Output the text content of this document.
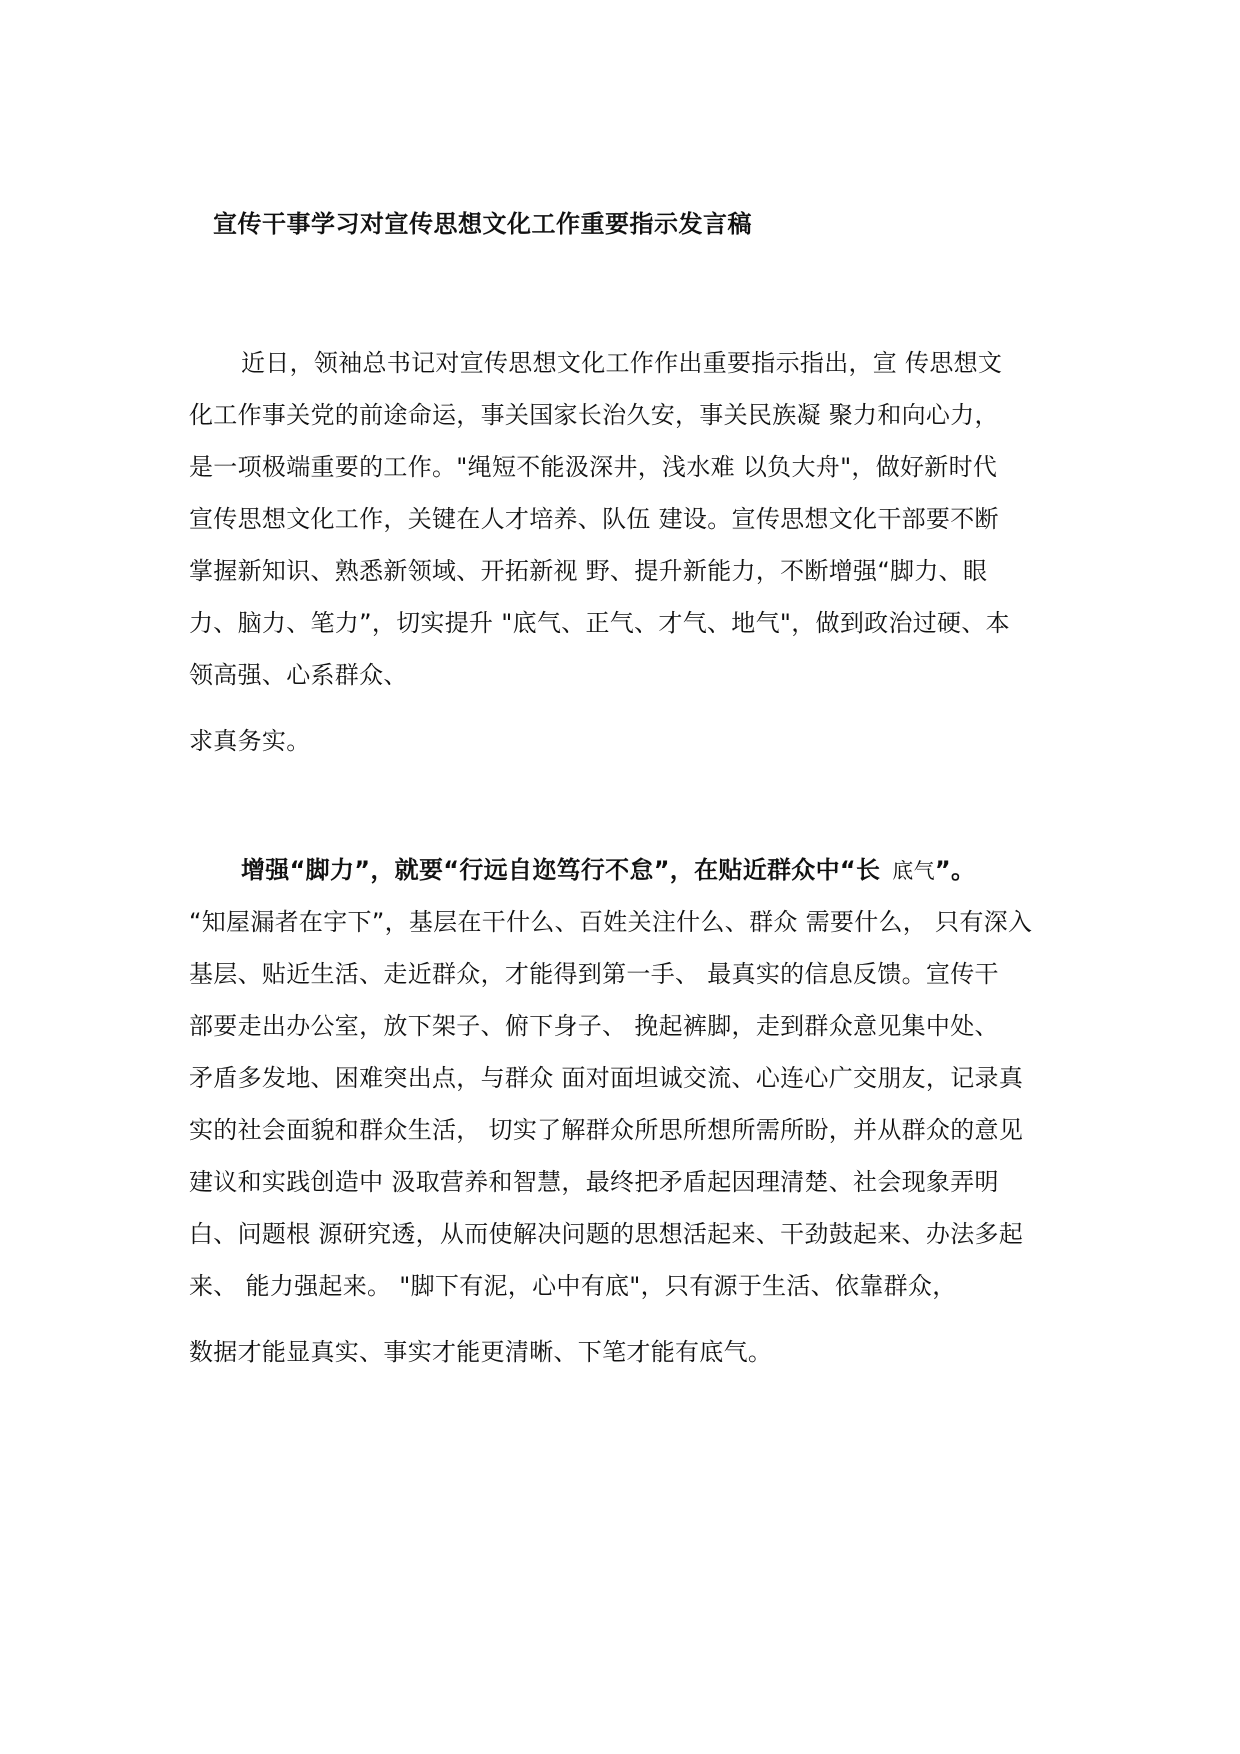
宣传干事学习对宣传思想文化工作重要指示发言稿
近日，领袖总书记对宣传思想文化工作作出重要指示指出，宣 传思想文
化工作事关党的前途命运，事关国家长治久安，事关民族凝 聚力和向心力，
是一项极端重要的工作。"绳短不能汲深井，浅水难 以负大舟"，做好新时代
宣传思想文化工作，关键在人才培养、队伍 建设。宣传思想文化干部要不断
掌握新知识、熟悉新领域、开拓新视 野、提升新能力，不断增强“脚力、眼
力、脑力、笔力”，切实提升 "底气、正气、才气、地气"，做到政治过硬、本
领高强、心系群众、
求真务实。
增强“脚力”，就要“行远自迩笃行不怠”，在贴近群众中“长 底气”。
“知屋漏者在宇下”，基层在干什么、百姓关注什么、群众 需要什么， 只有深入
基层、贴近生活、走近群众，才能得到第一手、 最真实的信息反馈。宣传干
部要走出办公室，放下架子、俯下身子、 挽起裤脚，走到群众意见集中处、
矛盾多发地、困难突出点，与群众 面对面坦诚交流、心连心广交朋友，记录真
实的社会面貌和群众生活， 切实了解群众所思所想所需所盼，并从群众的意见
建议和实践创造中 汲取营养和智慧，最终把矛盾起因理清楚、社会现象弄明
白、问题根 源研究透，从而使解决问题的思想活起来、干劲鼓起来、办法多起
来、 能力强起来。 "脚下有泥，心中有底"，只有源于生活、依靠群众，
数据才能显真实、事实才能更清晰、下笔才能有底气。
